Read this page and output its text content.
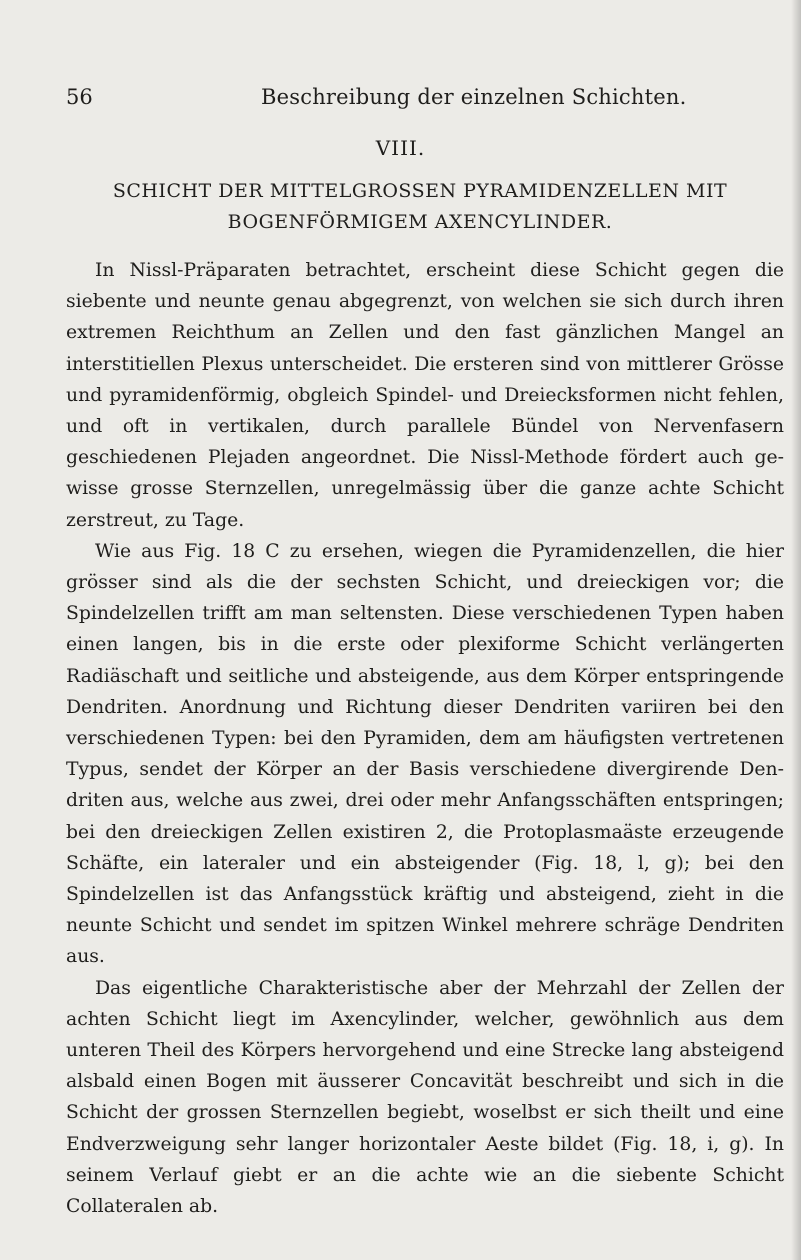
56	Beschreibung der einzelnen Schichten.
VIII.
SCHICHT DER MITTELGROSSEN PYRAMIDENZELLEN MIT
BOGENFÖRMIGEM AXENCYLINDER.

In Nissl-Präparaten betrachtet, erscheint diese Schicht gegen die siebente und neunte genau abgegrenzt, von welchen sie sich durch ihren extremen Reichthum an Zellen und den fast gänzlichen Mangel an interstitiellen Plexus unterscheidet. Die ersteren sind von mittlerer Grösse und pyramidenförmig, obgleich Spindel- und Dreiecksformen nicht fehlen, und oft in vertikalen, durch parallele Bündel von Nervenfasern geschiedenen Plejaden angeordnet. Die Nissl-Methode fördert auch gewisse grosse Sternzellen, unregelmässig über die ganze achte Schicht zerstreut, zu Tage.

Wie aus Fig. 18 C zu ersehen, wiegen die Pyramidenzellen, die hier grösser sind als die der sechsten Schicht, und dreieckigen vor; die Spindelzellen trifft am man seltensten. Diese verschiedenen Typen haben einen langen, bis in die erste oder plexiforme Schicht verlängerten Radiäschaft und seitliche und absteigende, aus dem Körper entspringende Dendriten. Anordnung und Richtung dieser Dendriten variiren bei den verschiedenen Typen: bei den Pyramiden, dem am häufigsten vertretenen Typus, sendet der Körper an der Basis verschiedene divergirende Dendriten aus, welche aus zwei, drei oder mehr Anfangsschäften entspringen; bei den dreieckigen Zellen existiren 2, die Protoplasmaäste erzeugende Schäfte, ein lateraler und ein absteigender (Fig. 18, l, g); bei den Spindelzellen ist das Anfangsstück kräftig und absteigend, zieht in die neunte Schicht und sendet im spitzen Winkel mehrere schräge Dendriten aus.

Das eigentliche Charakteristische aber der Mehrzahl der Zellen der achten Schicht liegt im Axencylinder, welcher, gewöhnlich aus dem unteren Theil des Körpers hervorgehend und eine Strecke lang absteigend alsbald einen Bogen mit äusserer Concavität beschreibt und sich in die Schicht der grossen Sternzellen begiebt, woselbst er sich theilt und eine Endverzweigung sehr langer horizontaler Aeste bildet (Fig. 18, i, g). In seinem Verlauf giebt er an die achte wie an die siebente Schicht Collateralen ab.
